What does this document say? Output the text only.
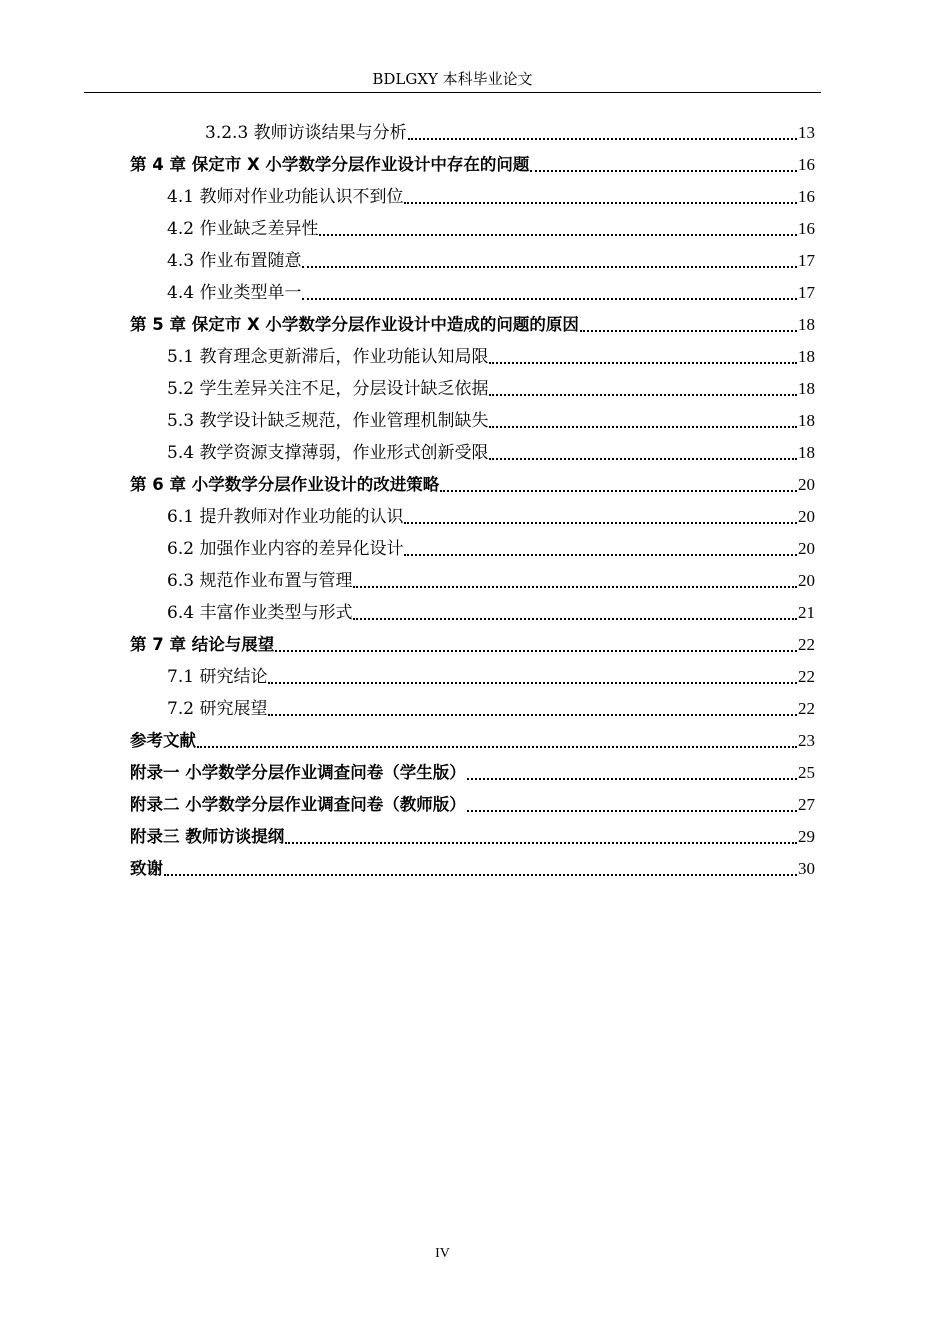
BDLGXY 本科毕业论文
3.2.3 教师访谈结果与分析	13
第 4 章 保定市 X 小学数学分层作业设计中存在的问题	16
4.1 教师对作业功能认识不到位	16
4.2 作业缺乏差异性	16
4.3 作业布置随意	17
4.4 作业类型单一	17
第 5 章 保定市 X 小学数学分层作业设计中造成的问题的原因	18
5.1 教育理念更新滞后，作业功能认知局限	18
5.2 学生差异关注不足，分层设计缺乏依据	18
5.3 教学设计缺乏规范，作业管理机制缺失	18
5.4 教学资源支撑薄弱，作业形式创新受限	18
第 6 章 小学数学分层作业设计的改进策略	20
6.1 提升教师对作业功能的认识	20
6.2 加强作业内容的差异化设计	20
6.3 规范作业布置与管理	20
6.4 丰富作业类型与形式	21
第 7 章 结论与展望	22
7.1 研究结论	22
7.2 研究展望	22
参考文献	23
附录一 小学数学分层作业调查问卷（学生版）	25
附录二 小学数学分层作业调查问卷（教师版）	27
附录三 教师访谈提纲	29
致谢	30
IV
